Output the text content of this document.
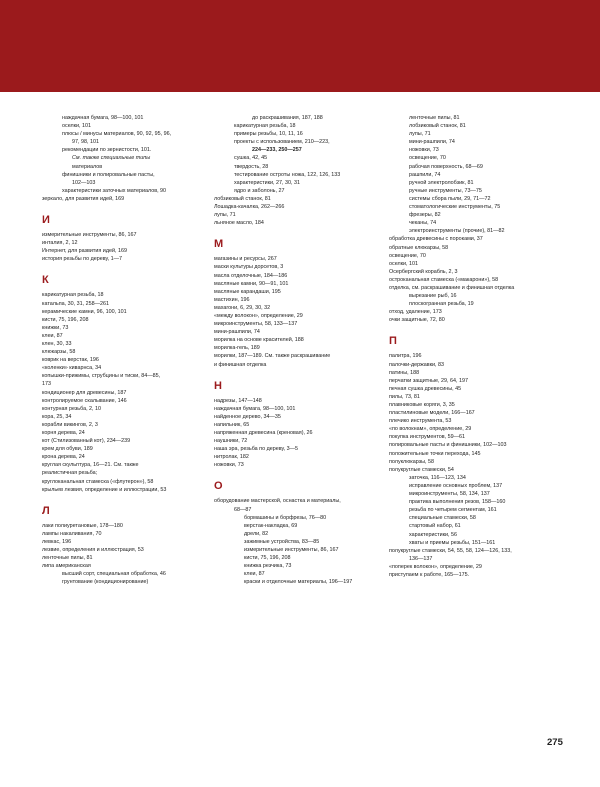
наждачная бумага, 98—100, 101
оселки, 101
плюсы / минусы материалов, 90, 92, 95, 96,
97, 98, 101
рекомендации по зернистости, 101.
См. также специальные типы
материалов
финишники и полировальные пасты,
102—103
характеристики заточных материалов, 90
зеркало, для развития идей, 169
И
измерительные инструменты, 86, 167
инталия, 2, 12
Интернет, для развития идей, 169
история резьбы по дереву, 1—7
К
карикатурная резьба, 18
катальпа, 30, 31, 258—261
керамические камни, 96, 100, 101
кисти, 75, 196, 208
книжки, 73
клеи, 87
клен, 30, 33
клюкарзы, 58
коврик на верстак, 196
«коленки» киварнса, 34
копышки-прижимы, струбцины и тиски, 84—85,
173
кондиционер для древесины, 187
контролируемое скалывание, 146
контурная резьба, 2, 10
кора, 25, 34
корабли викингов, 2, 3
корня дерева, 24
кот (Стилизованный кот), 234—239
крем для обуви, 189
крона дерева, 24
круглая скульптура, 16—21. См. также
реалистичная резьба;
круглоканальная стамеска («флутерон»), 58
крыльев лезвия, определение и иллюстрации, 53
Л
лаки полиуретановые, 178—180
лампы накаливания, 70
левкас, 196
лезвие, определения и иллюстрация, 53
ленточные пилы, 81
липа американская
высший сорт, специальная обработка, 46
грунтование (кондиционирование)
до раскрашивания, 187, 188
карикатурная резьба, 18
примеры резьбы, 10, 11, 16
проекты с использованием, 210—223,
224—233, 250—257
сушка, 42, 45
твердость, 28
тестирование остроты ножа, 122, 126, 133
характеристики, 27, 30, 31
ядро и заболонь, 27
лобзиковый станок, 81
Лошадка-качалка, 262—266
лупы, 71
льняное масло, 184
М
магазины и ресурсы, 267
маски культуры дорсетов, 3
масла отделочные, 184—186
масляные камни, 90—91, 101
масляные карандаши, 195
мастихин, 196
махагони, 6, 29, 30, 32
«между волокон», определение, 29
микроинструменты, 58, 133—137
мини-рашпили, 74
морилка на основе красителей, 188
морилка-гель, 189
морилки, 187—189. См. также раскрашивание
и финишная отделка
Н
надрезы, 147—148
наждачная бумага, 98—100, 101
найденное дерево, 34—35
напильник, 65
напряженная древесина (креновая), 26
наушники, 72
наша эра, резьба по дереву, 3—5
нитролак, 182
ножовки, 73
О
оборудование мастерской, оснастка и материалы,
68—87
бормашины и борфрезы, 76—80
верстак-накладка, 69
дрели, 82
зажимные устройства, 83—85
измерительные инструменты, 86, 167
кисти, 75, 196, 208
книжка резчика, 73
клеи, 87
краски и отделочные материалы, 196—197
ленточные пилы, 81
лобзиковый станок, 81
лупы, 71
мини-рашпили, 74
ножовки, 73
освещение, 70
рабочая поверхность, 68—69
рашпили, 74
ручной электролобзик, 81
ручные инструменты, 73—75
системы сбора пыли, 29, 71—72
стоматологические инструменты, 75
фрезеры, 82
чеканы, 74
электроинструменты (прочие), 81—82
обработка древесины с пороками, 37
обратные клюкарзы, 58
освещение, 70
оселки, 101
Осербергский корабль, 2, 3
остроканальная стамеска («макарони»), 58
отделка, см. раскрашивание и финишная отделка
вырезание рыб, 16
плоскогранная резьба, 19
отход, удаление, 173
очки защитные, 72, 80
П
палитра, 196
палочки-державки, 83
патины, 188
перчатки защитные, 29, 64, 197
печная сушка древесины, 45
пилы, 73, 81
плавниковые коряги, 3, 35
пластилиновые модели, 166—167
плечико инструмента, 53
«по волокнам», определение, 29
покупка инструментов, 59—61
полировальные пасты и финишники, 102—103
положительные точки перехода, 145
полуклюкарзы, 58
полукруглые стамески, 54
заточка, 116—123, 134
исправление основных проблем, 137
микроинструменты, 58, 134, 137
практика выполнения резов, 158—160
резьба по четырем сегментам, 161
специальные стамески, 58
стартовый набор, 61
характеристики, 56
хваты и приемы резьбы, 151—161
полукруглые стамески, 54, 55, 58, 124—126, 133,
136—137
«поперек волокон», определение, 29
приступаем к работе, 165—175.
275
